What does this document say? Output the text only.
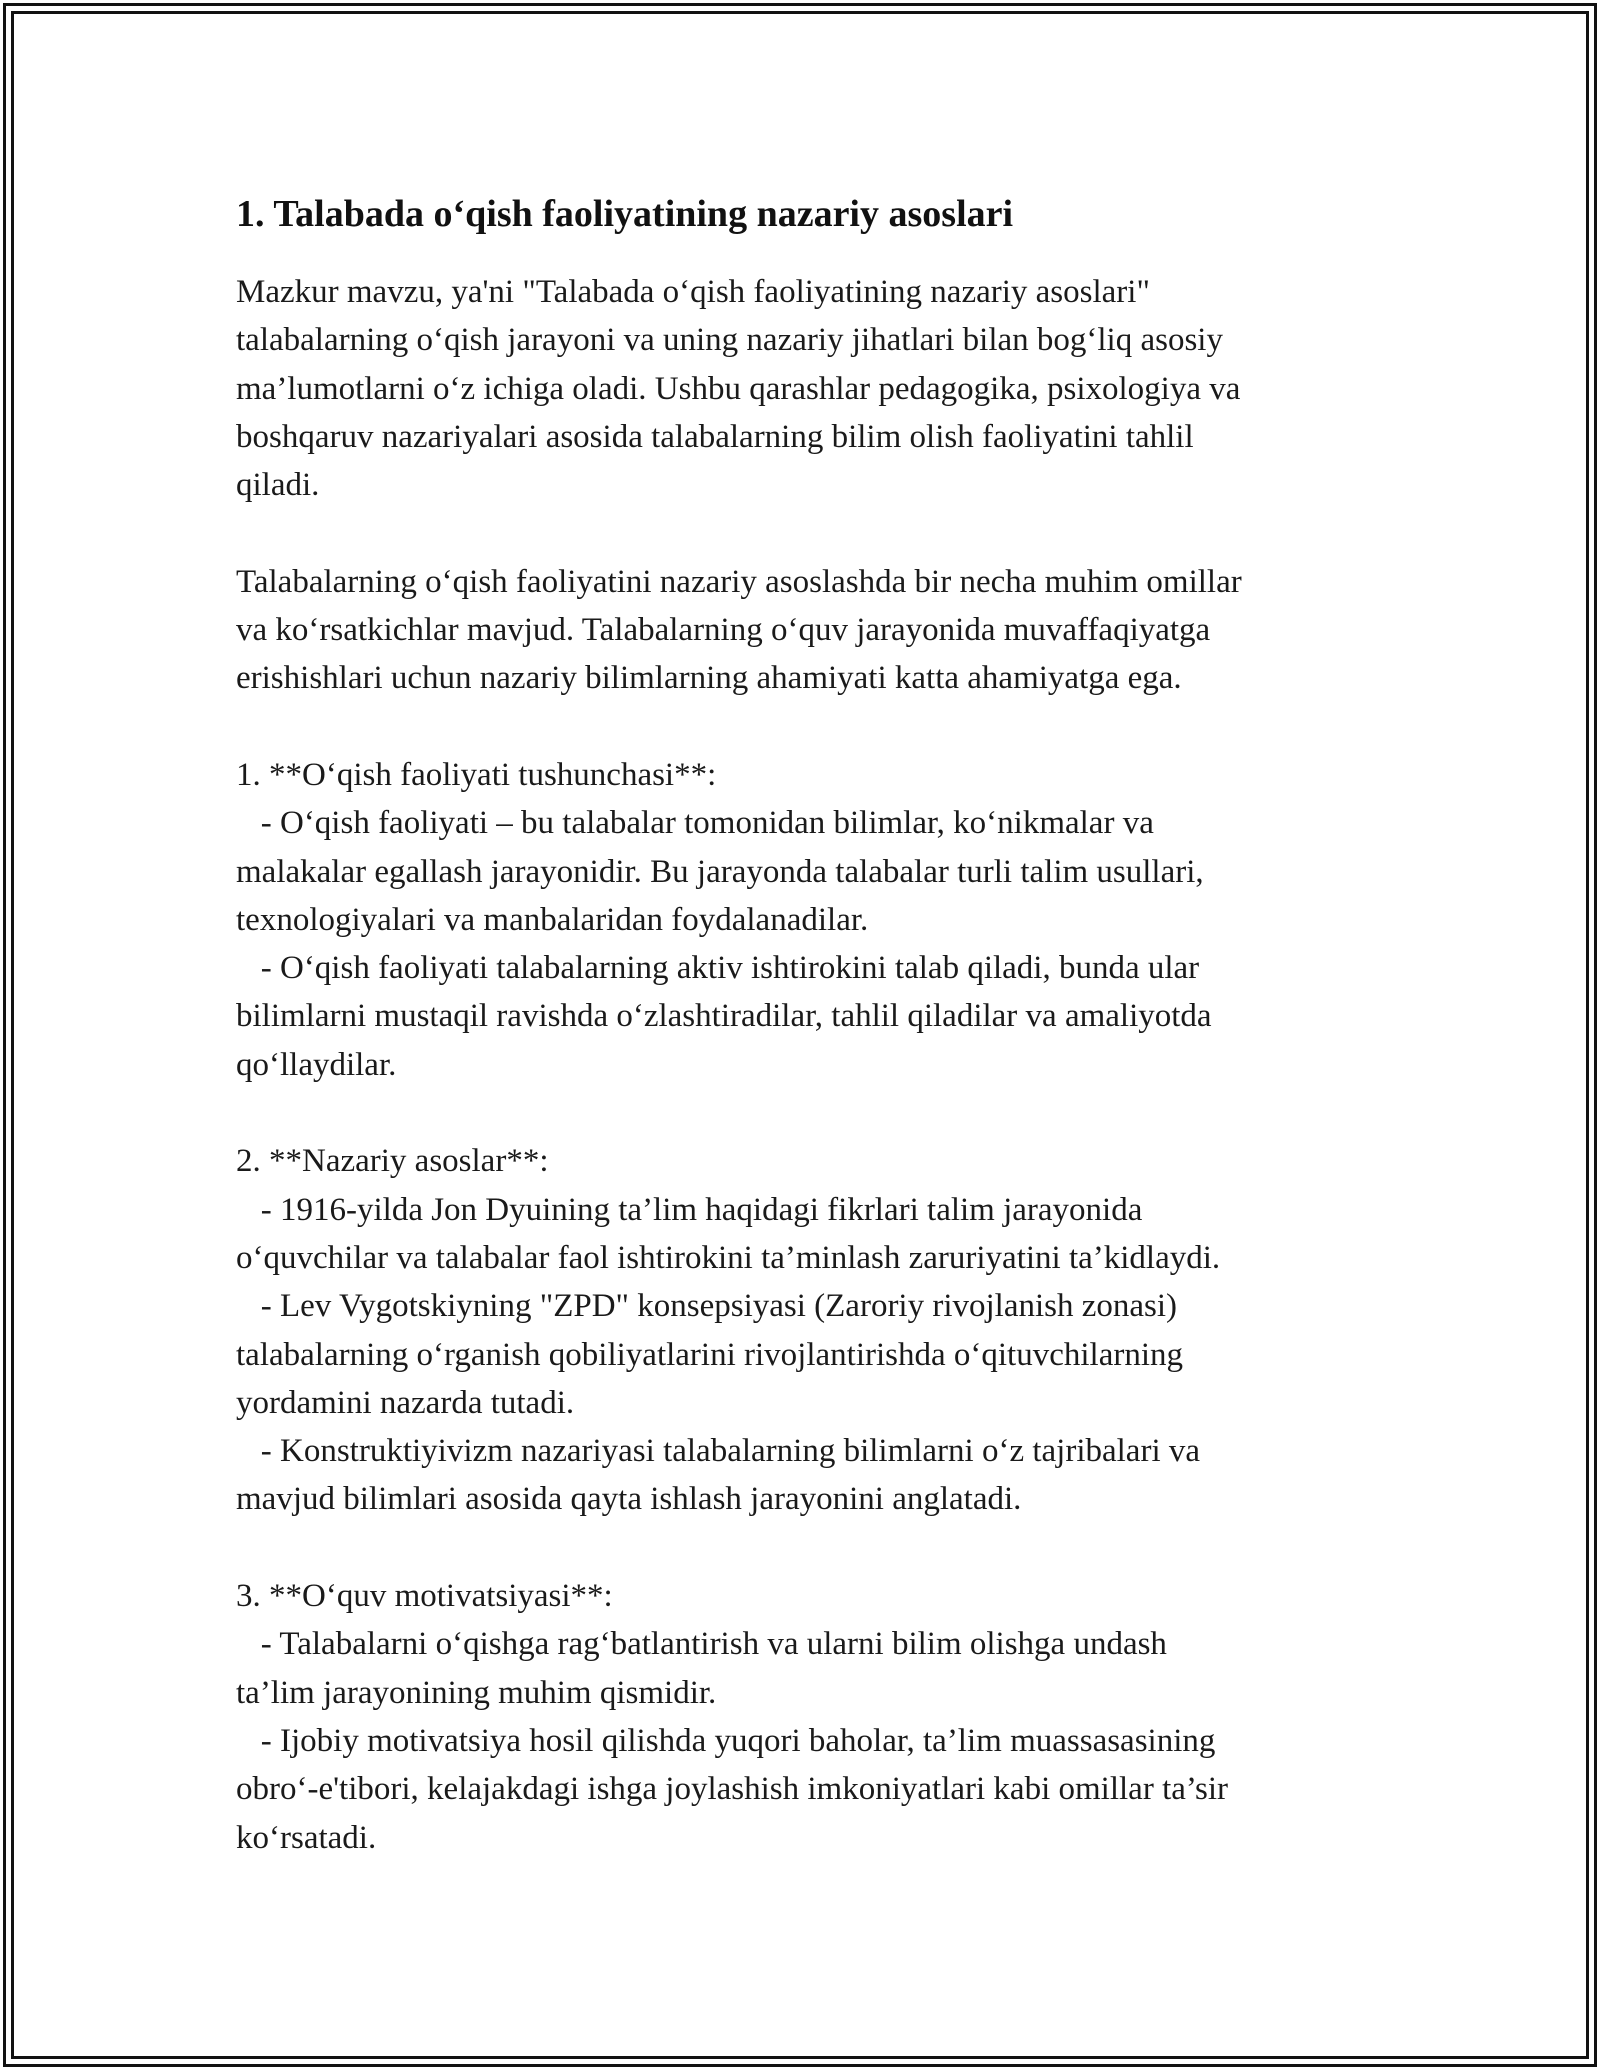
1. Talabada o‘qish faoliyatining nazariy asoslari

Mazkur mavzu, ya'ni "Talabada o‘qish faoliyatining nazariy asoslari"
talabalarning o‘qish jarayoni va uning nazariy jihatlari bilan bog‘liq asosiy
ma’lumotlarni o‘z ichiga oladi. Ushbu qarashlar pedagogika, psixologiya va
boshqaruv nazariyalari asosida talabalarning bilim olish faoliyatini tahlil
qiladi.

Talabalarning o‘qish faoliyatini nazariy asoslashda bir necha muhim omillar
va ko‘rsatkichlar mavjud. Talabalarning o‘quv jarayonida muvaffaqiyatga
erishishlari uchun nazariy bilimlarning ahamiyati katta ahamiyatga ega.

1. **O‘qish faoliyati tushunchasi**:
- O‘qish faoliyati – bu talabalar tomonidan bilimlar, ko‘nikmalar va
malakalar egallash jarayonidir. Bu jarayonda talabalar turli talim usullari,
texnologiyalari va manbalaridan foydalanadilar.
- O‘qish faoliyati talabalarning aktiv ishtirokini talab qiladi, bunda ular
bilimlarni mustaqil ravishda o‘zlashtiradilar, tahlil qiladilar va amaliyotda
qo‘llaydilar.

2. **Nazariy asoslar**:
- 1916-yilda Jon Dyuining ta’lim haqidagi fikrlari talim jarayonida
o‘quvchilar va talabalar faol ishtirokini ta’minlash zaruriyatini ta’kidlaydi.
- Lev Vygotskiyning "ZPD" konsepsiyasi (Zaroriy rivojlanish zonasi)
talabalarning o‘rganish qobiliyatlarini rivojlantirishda o‘qituvchilarning
yordamini nazarda tutadi.
- Konstruktiyivizm nazariyasi talabalarning bilimlarni o‘z tajribalari va
mavjud bilimlari asosida qayta ishlash jarayonini anglatadi.

3. **O‘quv motivatsiyasi**:
- Talabalarni o‘qishga rag‘batlantirish va ularni bilim olishga undash
ta’lim jarayonining muhim qismidir.
- Ijobiy motivatsiya hosil qilishda yuqori baholar, ta’lim muassasasining
obro‘-e'tibori, kelajakdagi ishga joylashish imkoniyatlari kabi omillar ta’sir
ko‘rsatadi.
